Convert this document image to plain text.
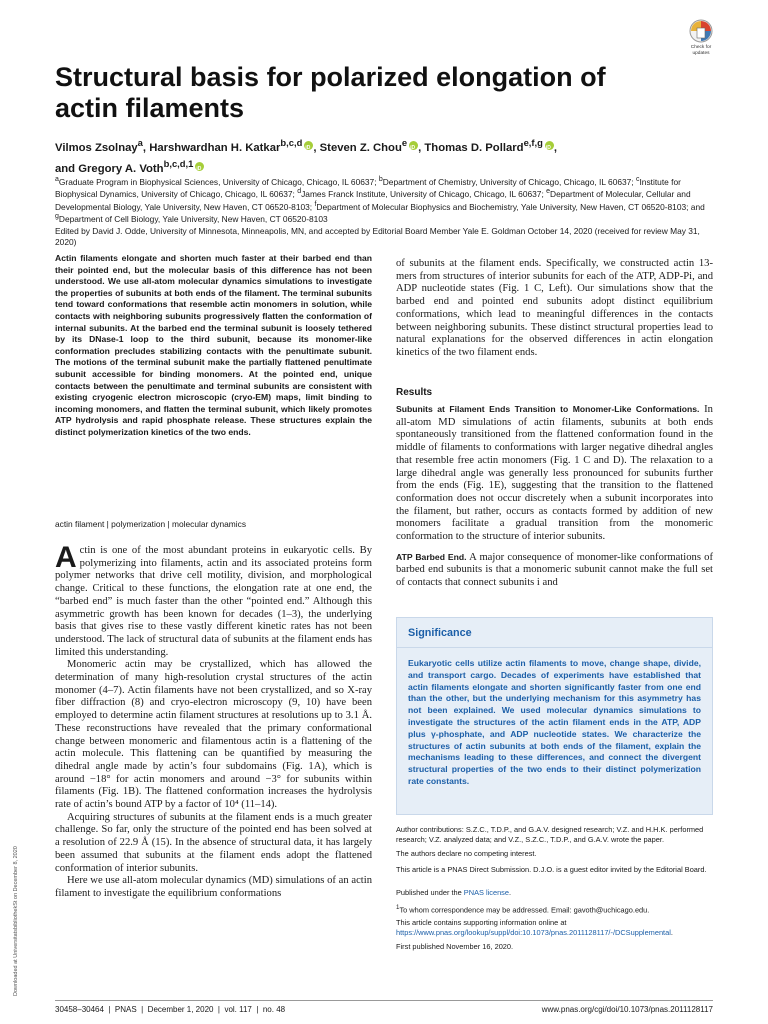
Check for
updates
Structural basis for polarized elongation of actin filaments
Vilmos Zsolnay$^a$, Harshwardhan H. Katkar$^{b,c,d}$ iD , Steven Z. Chou$^e$ iD , Thomas D. Pollard$^{e,f,g}$ iD ,
and Gregory A. Voth$^{b,c,d,1}$iD
$^a$Graduate Program in Biophysical Sciences, University of Chicago, Chicago, IL 60637; $^b$Department of Chemistry, University of Chicago, Chicago, IL 60637; $^c$Institute for Biophysical Dynamics, University of Chicago, Chicago, IL 60637; $^d$James Franck Institute, University of Chicago, Chicago, IL 60637; $^e$Department of Molecular, Cellular and Developmental Biology, Yale University, New Haven, CT 06520-8103; $^f$Department of Molecular Biophysics and Biochemistry, Yale University, New Haven, CT 06520-8103; and $^g$Department of Cell Biology, Yale University, New Haven, CT 06520-8103
Edited by David J. Odde, University of Minnesota, Minneapolis, MN, and accepted by Editorial Board Member Yale E. Goldman October 14, 2020 (received for review May 31, 2020)
Actin filaments elongate and shorten much faster at their barbed end than their pointed end, but the molecular basis of this difference has not been understood. We use all-atom molecular dynamics simulations to investigate the properties of subunits at both ends of the filament. The terminal subunits tend toward conformations that resemble actin monomers in solution, while contacts with neighboring subunits progressively flatten the conformation of internal subunits. At the barbed end the terminal subunit is loosely tethered by its DNase-1 loop to the third subunit, because its monomer-like conformation precludes stabilizing contacts with the penultimate subunit. The motions of the terminal subunit make the partially flattened penultimate subunit accessible for binding monomers. At the pointed end, unique contacts between the penultimate and terminal subunits are consistent with existing cryogenic electron microscopic (cryo-EM) maps, limit binding to incoming monomers, and flatten the terminal subunit, which likely promotes ATP hydrolysis and rapid phosphate release. These structures explain the distinct polymerization kinetics of the two ends.
actin filament | polymerization | molecular dynamics

Actin is one of the most abundant proteins in eukaryotic cells. By polymerizing into filaments, actin and its associated proteins form polymer networks that drive cell motility, division, and morphological change. Critical to these functions, the elongation rate at one end, the “barbed end” is much faster than the other “pointed end.” Although this asymmetric growth has been known for decades (1–3), the underlying basis that gives rise to these vastly different kinetic rates has not been understood. The lack of structural data of subunits at the filament ends has limited this understanding.

Monomeric actin may be crystallized, which has allowed the determination of many high-resolution crystal structures of the actin monomer (4–7). Actin filaments have not been crystallized, and so X-ray fiber diffraction (8) and cryo-electron microscopy (9, 10) have been employed to determine actin filament structures at resolutions up to 3.1 Å. These reconstructions have revealed that the primary conformational change between monomeric and filamentous actin is a flattening of the actin molecule. This flattening can be quantified by measuring the dihedral angle made by actin’s four subdomains (Fig. 1A), which is around −18° for actin monomers and around −3° for subunits within filaments (Fig. 1B). The flattened conformation increases the hydrolysis rate of actin’s bound ATP by a factor of 10⁴ (11–14).

Acquiring structures of subunits at the filament ends is a much greater challenge. So far, only the structure of the pointed end has been solved at a resolution of 22.9 Å (15). In the absence of structural data, it has largely been assumed that subunits at the filament ends adopt the flattened conformation of interior subunits.

Here we use all-atom molecular dynamics (MD) simulations of an actin filament to investigate the equilibrium conformations

of subunits at the filament ends. Specifically, we constructed actin 13-mers from structures of interior subunits for each of the ATP, ADP-Pi, and ADP nucleotide states (Fig. 1 C, Left). Our simulations show that the barbed end and pointed end subunits adopt distinct equilibrium conformations, which lead to meaningful differences in the contacts between neighboring subunits. These distinct structural properties lead to natural explanations for the observed differences in actin elongation kinetics of the two filament ends.

Results

Subunits at Filament Ends Transition to Monomer-Like Conformations. In all-atom MD simulations of actin filaments, subunits at both ends spontaneously transitioned from the flattened conformation found in the middle of filaments to conformations with larger negative dihedral angles that resemble free actin monomers (Fig. 1 C and D). The relaxation to a large dihedral angle was generally less pronounced for subunits further from the ends (Fig. 1E), suggesting that the transition to the flattened conformation does not occur discretely when a subunit incorporates into the filament, but rather, occurs as contacts formed by addition of new monomers facilitate a gradual transition from the monomeric conformation to the structure of interior subunits.

ATP Barbed End. A major consequence of monomer-like conformations of barbed end subunits is that a monomeric subunit cannot make the full set of contacts that connect subunits i and

Significance
Eukaryotic cells utilize actin filaments to move, change shape, divide, and transport cargo. Decades of experiments have established that actin filaments elongate and shorten significantly faster from one end than the other, but the underlying mechanism for this asymmetry has not been explained. We used molecular dynamics simulations to investigate the structures of the actin filament ends in the ATP, ADP plus γ-phosphate, and ADP nucleotide states. We characterize the structures of actin subunits at both ends of the filament, explain the mechanisms leading to these differences, and connect the divergent structural properties of the two ends to their distinct polymerization rate constants.
Author contributions: S.Z.C., T.D.P., and G.A.V. designed research; V.Z. and H.H.K. performed research; V.Z. analyzed data; and V.Z., S.Z.C., T.D.P., and G.A.V. wrote the paper.
The authors declare no competing interest.
This article is a PNAS Direct Submission. D.J.O. is a guest editor invited by the Editorial Board.
Published under the PNAS license.
$^1$To whom correspondence may be addressed. Email: gavoth@uchicago.edu.
This article contains supporting information online at https://www.pnas.org/lookup/suppl/doi:10.1073/pnas.2011128117/-/DCSupplemental.
First published November 16, 2020.
30458–30464  |  PNAS  |  December 1, 2020  |  vol. 117  |  no. 48	www.pnas.org/cgi/doi/10.1073/pnas.2011128117
Downloaded at UniversitatsbibliothekSt on December 8, 2020
